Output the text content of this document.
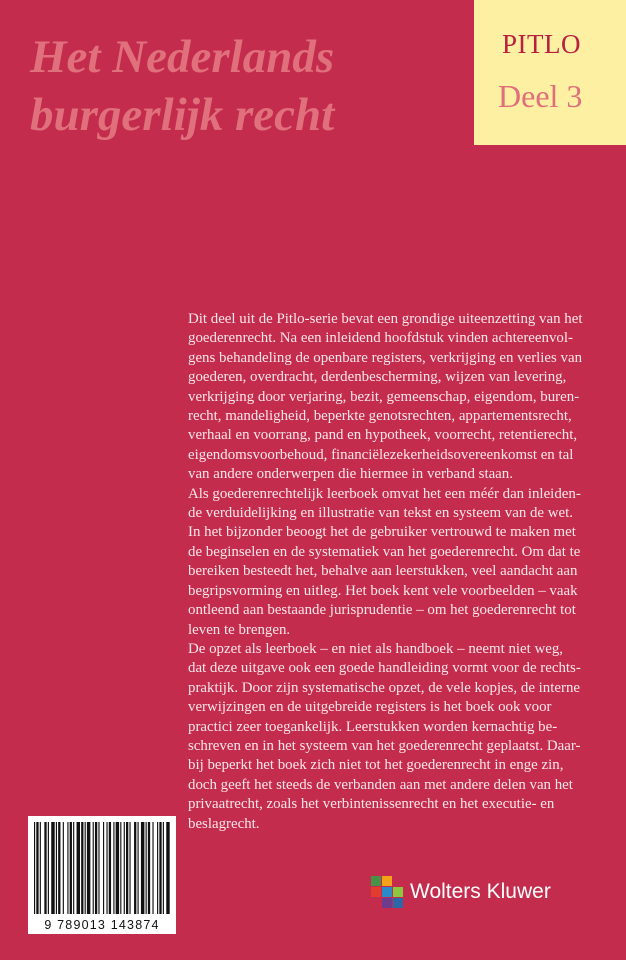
Het Nederlands
burgerlijk recht
PITLO
Deel 3

Dit deel uit de Pitlo-serie bevat een grondige uiteenzetting van het
goederenrecht. Na een inleidend hoofdstuk vinden achtereenvol-
gens behandeling de openbare registers, verkrijging en verlies van
goederen, overdracht, derdenbescherming, wijzen van levering,
verkrijging door verjaring, bezit, gemeenschap, eigendom, buren-
recht, mandeligheid, beperkte genotsrechten, appartementsrecht,
verhaal en voorrang, pand en hypotheek, voorrecht, retentierecht,
eigendomsvoorbehoud, financiëlezekerheidsovereenkomst en tal
van andere onderwerpen die hiermee in verband staan.

Als goederenrechtelijk leerboek omvat het een méér dan inleiden-
de verduidelijking en illustratie van tekst en systeem van de wet.
In het bijzonder beoogt het de gebruiker vertrouwd te maken met
de beginselen en de systematiek van het goederenrecht. Om dat te
bereiken besteedt het, behalve aan leerstukken, veel aandacht aan
begripsvorming en uitleg. Het boek kent vele voorbeelden – vaak
ontleend aan bestaande jurisprudentie – om het goederenrecht tot
leven te brengen.

De opzet als leerboek – en niet als handboek – neemt niet weg,
dat deze uitgave ook een goede handleiding vormt voor de rechts-
praktijk. Door zijn systematische opzet, de vele kopjes, de interne
verwijzingen en de uitgebreide registers is het boek ook voor
practici zeer toegankelijk. Leerstukken worden kernachtig be-
schreven en in het systeem van het goederenrecht geplaatst. Daar-
bij beperkt het boek zich niet tot het goederenrecht in enge zin,
doch geeft het steeds de verbanden aan met andere delen van het
privaatrecht, zoals het verbintenissenrecht en het executie- en
beslagrecht.

9 789013 143874
Wolters Kluwer
